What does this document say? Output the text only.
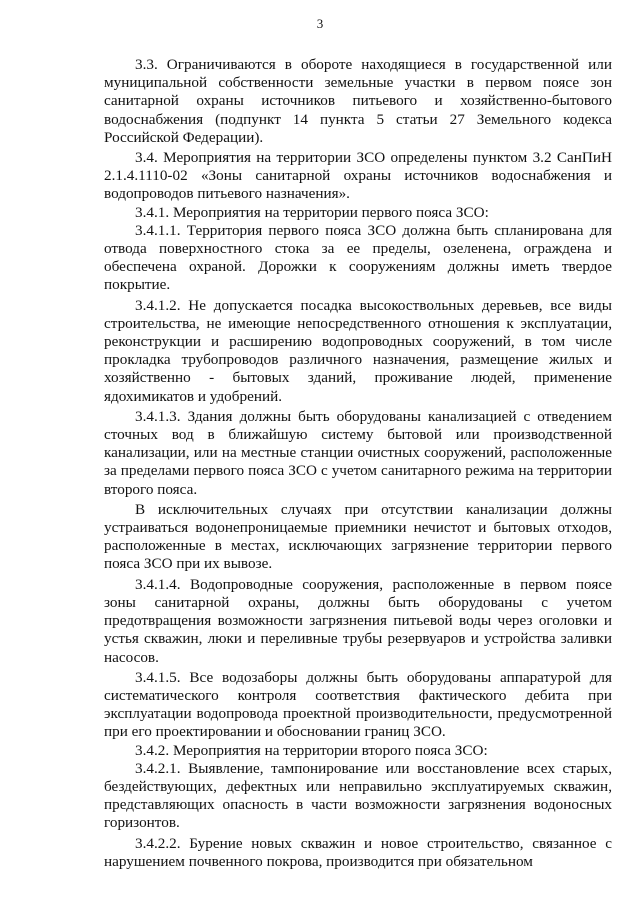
3

3.3. Ограничиваются в обороте находящиеся в государственной или муниципальной собственности земельные участки в первом поясе зон санитарной охраны источников питьевого и хозяйственно-бытового водоснабжения (подпункт 14 пункта 5 статьи 27 Земельного кодекса Российской Федерации).

3.4. Мероприятия на территории ЗСО определены пунктом 3.2 СанПиН 2.1.4.1110-02 «Зоны санитарной охраны источников водоснабжения и водопроводов питьевого назначения».

3.4.1. Мероприятия на территории первого пояса ЗСО:

3.4.1.1. Территория первого пояса ЗСО должна быть спланирована для отвода поверхностного стока за ее пределы, озеленена, ограждена и обеспечена охраной. Дорожки к сооружениям должны иметь твердое покрытие.

3.4.1.2. Не допускается посадка высокоствольных деревьев, все виды строительства, не имеющие непосредственного отношения к эксплуатации, реконструкции и расширению водопроводных сооружений, в том числе прокладка трубопроводов различного назначения, размещение жилых и хозяйственно - бытовых зданий, проживание людей, применение ядохимикатов и удобрений.

3.4.1.3. Здания должны быть оборудованы канализацией с отведением сточных вод в ближайшую систему бытовой или производственной канализации, или на местные станции очистных сооружений, расположенные за пределами первого пояса ЗСО с учетом санитарного режима на территории второго пояса.

В исключительных случаях при отсутствии канализации должны устраиваться водонепроницаемые приемники нечистот и бытовых отходов, расположенные в местах, исключающих загрязнение территории первого пояса ЗСО при их вывозе.

3.4.1.4. Водопроводные сооружения, расположенные в первом поясе зоны санитарной охраны, должны быть оборудованы с учетом предотвращения возможности загрязнения питьевой воды через оголовки и устья скважин, люки и переливные трубы резервуаров и устройства заливки насосов.

3.4.1.5. Все водозаборы должны быть оборудованы аппаратурой для систематического контроля соответствия фактического дебита при эксплуатации водопровода проектной производительности, предусмотренной при его проектировании и обосновании границ ЗСО.

3.4.2. Мероприятия на территории второго пояса ЗСО:

3.4.2.1. Выявление, тампонирование или восстановление всех старых, бездействующих, дефектных или неправильно эксплуатируемых скважин, представляющих опасность в части возможности загрязнения водоносных горизонтов.

3.4.2.2. Бурение новых скважин и новое строительство, связанное с нарушением почвенного покрова, производится при обязательном
